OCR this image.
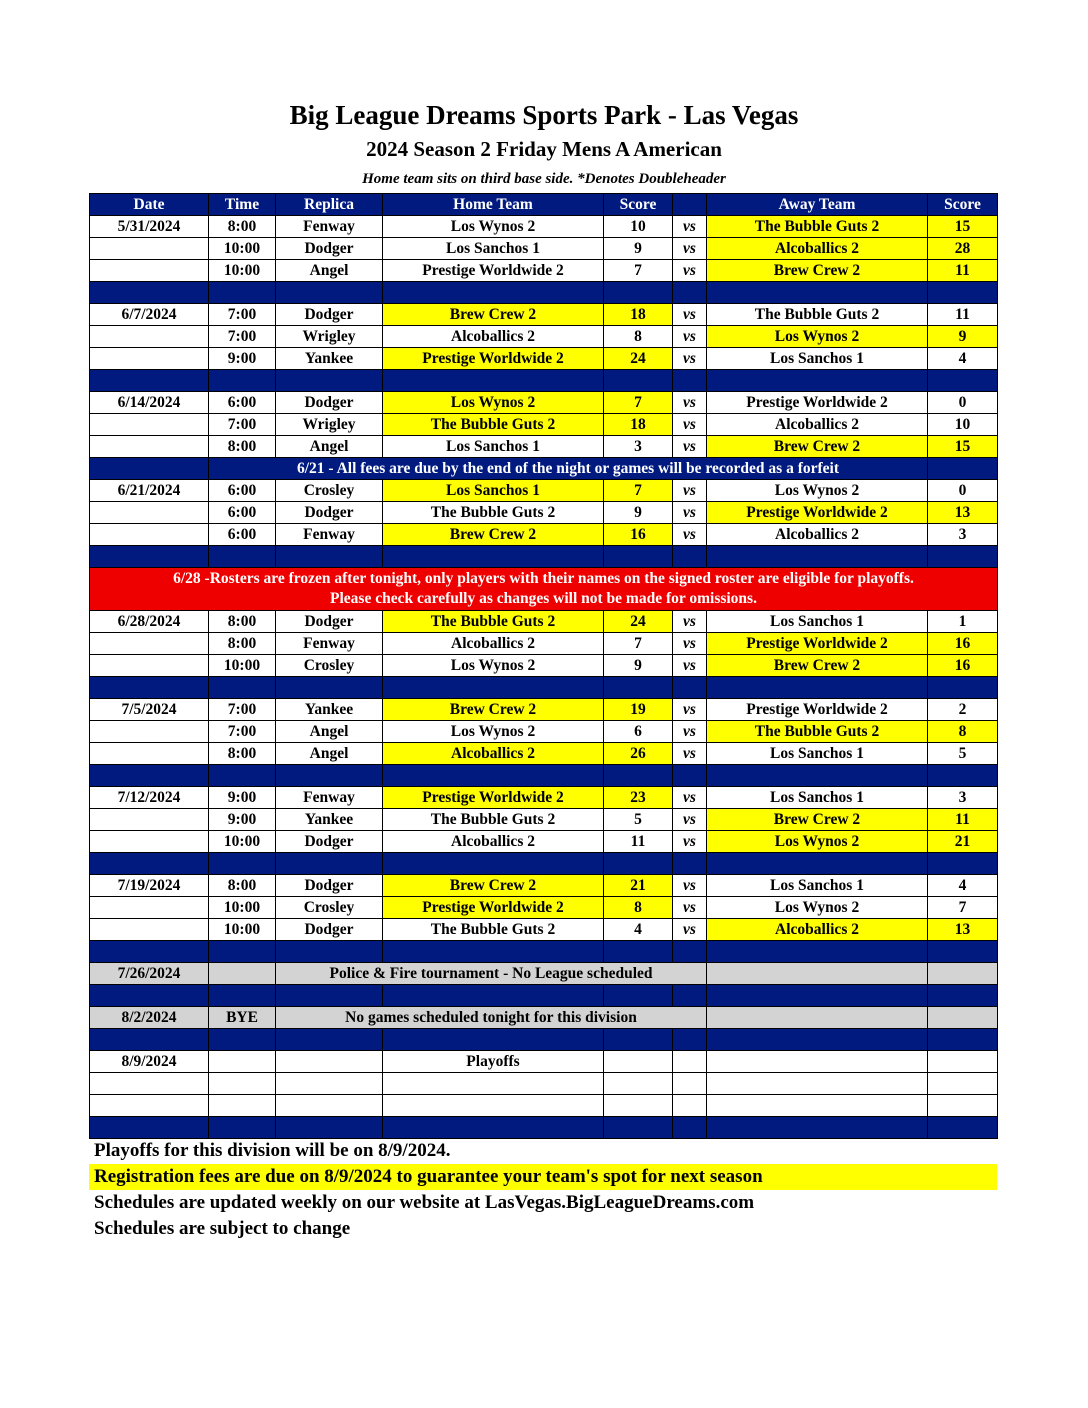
Big League Dreams Sports Park - Las Vegas
2024 Season 2 Friday Mens A American
Home team sits on third base side. *Denotes Doubleheader
Date	Time	Replica	Home Team	Score		Away Team	Score
5/31/2024	8:00	Fenway	Los Wynos 2	10	vs	The Bubble Guts 2	15
	10:00	Dodger	Los Sanchos 1	9	vs	Alcoballics 2	28
	10:00	Angel	Prestige Worldwide 2	7	vs	Brew Crew 2	11

6/7/2024	7:00	Dodger	Brew Crew 2	18	vs	The Bubble Guts 2	11
	7:00	Wrigley	Alcoballics 2	8	vs	Los Wynos 2	9
	9:00	Yankee	Prestige Worldwide 2	24	vs	Los Sanchos 1	4

6/14/2024	6:00	Dodger	Los Wynos 2	7	vs	Prestige Worldwide 2	0
	7:00	Wrigley	The Bubble Guts 2	18	vs	Alcoballics 2	10
	8:00	Angel	Los Sanchos 1	3	vs	Brew Crew 2	15
	6/21 - All fees are due by the end of the night or games will be recorded as a forfeit						
6/21/2024	6:00	Crosley	Los Sanchos 1	7	vs	Los Wynos 2	0
	6:00	Dodger	The Bubble Guts 2	9	vs	Prestige Worldwide 2	13
	6:00	Fenway	Brew Crew 2	16	vs	Alcoballics 2	3

6/28 -Rosters are frozen after tonight, only players with their names on the signed roster are eligible for playoffs.
Please check carefully as changes will not be made for omissions.							

6/28/2024	8:00	Dodger	The Bubble Guts 2	24	vs	Los Sanchos 1	1
	8:00	Fenway	Alcoballics 2	7	vs	Prestige Worldwide 2	16
	10:00	Crosley	Los Wynos 2	9	vs	Brew Crew 2	16

7/5/2024	7:00	Yankee	Brew Crew 2	19	vs	Prestige Worldwide 2	2
	7:00	Angel	Los Wynos 2	6	vs	The Bubble Guts 2	8
	8:00	Angel	Alcoballics 2	26	vs	Los Sanchos 1	5

7/12/2024	9:00	Fenway	Prestige Worldwide 2	23	vs	Los Sanchos 1	3
	9:00	Yankee	The Bubble Guts 2	5	vs	Brew Crew 2	11
	10:00	Dodger	Alcoballics 2	11	vs	Los Wynos 2	21

7/19/2024	8:00	Dodger	Brew Crew 2	21	vs	Los Sanchos 1	4
	10:00	Crosley	Prestige Worldwide 2	8	vs	Los Wynos 2	7
	10:00	Dodger	The Bubble Guts 2	4	vs	Alcoballics 2	13

7/26/2024		Police & Fire tournament - No League scheduled					

8/2/2024	BYE	No games scheduled tonight for this division					

8/9/2024			Playoffs				

Playoffs for this division will be on 8/9/2024.
Registration fees are due on 8/9/2024 to guarantee your team's spot for next season
Schedules are updated weekly on our website at LasVegas.BigLeagueDreams.com
Schedules are subject to change
